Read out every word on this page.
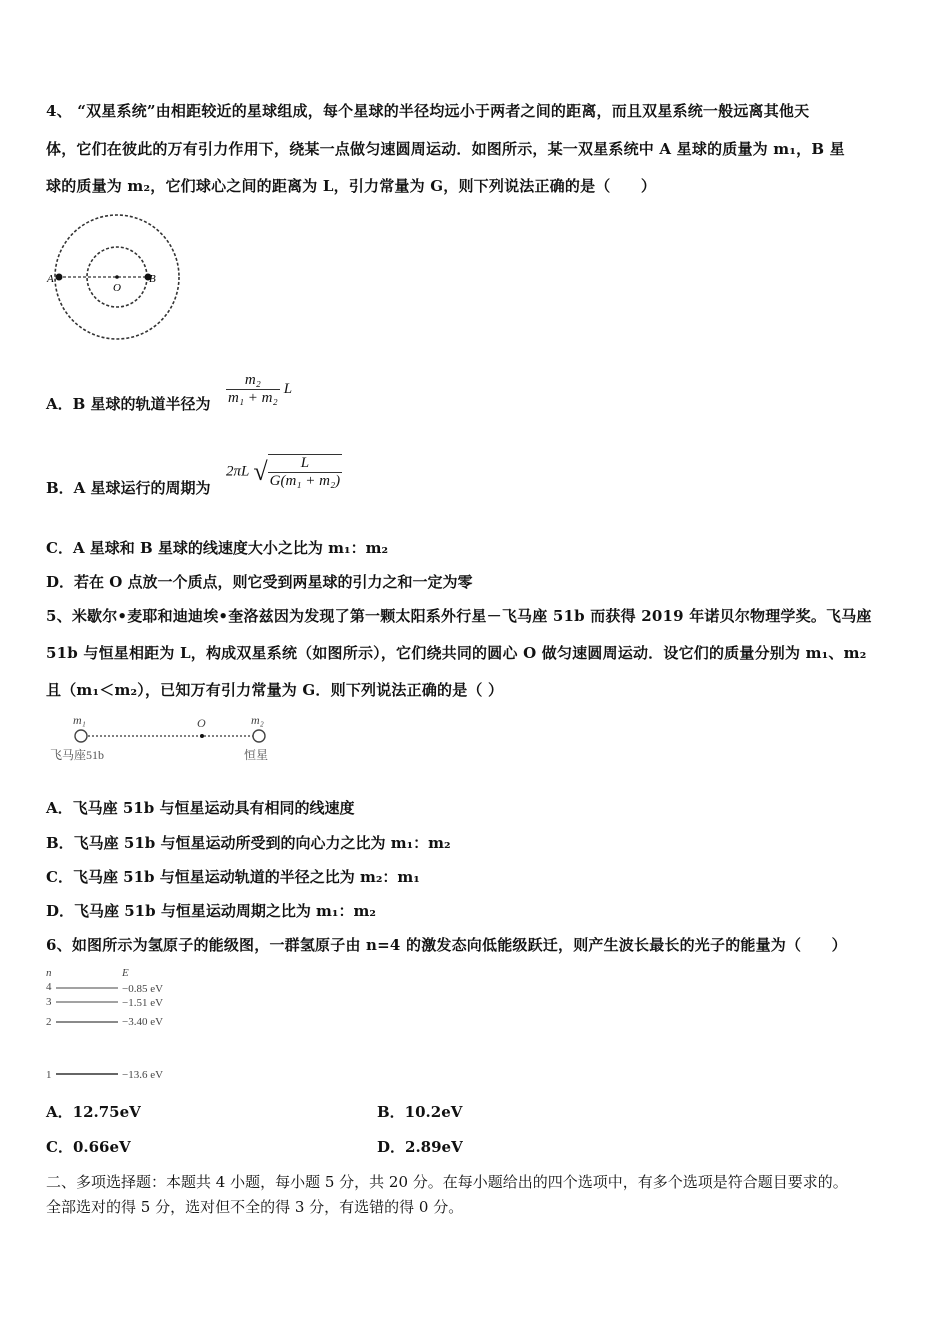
4、 “双星系统”由相距较近的星球组成，每个星球的半径均远小于两者之间的距离，而且双星系统一般远离其他天
体，它们在彼此的万有引力作用下，绕某一点做匀速圆周运动．如图所示，某一双星系统中 A 星球的质量为 m₁，B 星
球的质量为 m₂，它们球心之间的距离为 L，引力常量为 G，则下列说法正确的是（　　）
A	B
O
A．B 星球的轨道半径为 $\frac{\text{m₂}}{\text{m₁ + m₂}}$ L
B．A 星球运行的周期为
2πL √ $\frac{L}{\text{G(m₁ + m₂)}}$
C．A 星球和 B 星球的线速度大小之比为 m₁：m₂
D．若在 O 点放一个质点，则它受到两星球的引力之和一定为零
5、米歇尔•麦耶和迪迪埃•奎洛兹因为发现了第一颗太阳系外行星－飞马座 51b 而获得 2019 年诺贝尔物理学奖。飞马座
51b 与恒星相距为 L，构成双星系统（如图所示），它们绕共同的圆心 O 做匀速圆周运动．设它们的质量分别为 m₁、m₂
且（m₁＜m₂），已知万有引力常量为 G．则下列说法正确的是（ ）
m₁	O	m₂
飞马座51b	恒星
A．飞马座 51b 与恒星运动具有相同的线速度
B．飞马座 51b 与恒星运动所受到的向心力之比为 m₁：m₂
C．飞马座 51b 与恒星运动轨道的半径之比为 m₂：m₁
D．飞马座 51b 与恒星运动周期之比为 m₁：m₂
6、如图所示为氢原子的能级图，一群氢原子由 n=4 的激发态向低能级跃迁，则产生波长最长的光子的能量为（　　）
n	E
4	−0.85 eV
3	−1.51 eV
2	−3.40 eV
1	−13.6 eV
A．12.75eV	B．10.2eV
C．0.66eV	D．2.89eV
二、多项选择题：本题共 4 小题，每小题 5 分，共 20 分。在每小题给出的四个选项中，有多个选项是符合题目要求的。
全部选对的得 5 分，选对但不全的得 3 分，有选错的得 0 分。
